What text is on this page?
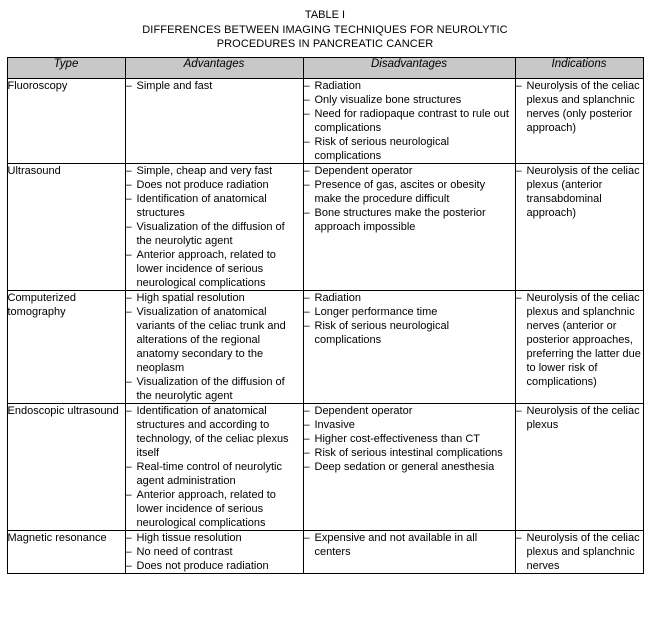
TABLE I
DIFFERENCES BETWEEN IMAGING TECHNIQUES FOR NEUROLYTIC
PROCEDURES IN PANCREATIC CANCER
Type	Advantages	Disadvantages	Indications
Fluoroscopy	
–Simple and fast

–Radiation
– Only visualize bone structures
– Need for radiopaque contrast to rule out complications
– Risk of serious neurological complications

– Neurolysis of the celiac plexus and splanchnic nerves (only posterior approach)

Ultrasound	
–Simple, cheap and very fast
– Does not produce radiation
– Identification of anatomical structures
– Visualization of the diffusion of the neurolytic agent
– Anterior approach, related to lower incidence of serious neurological complications

– Dependent operator
– Presence of gas, ascites or obesity make the procedure difficult
– Bone structures make the posterior approach impossible

– Neurolysis of the celiac plexus (anterior transabdominal approach)

Computerized tomography	
– High spatial resolution
– Visualization of anatomical variants of the celiac trunk and alterations of the regional anatomy secondary to the neoplasm
– Visualization of the diffusion of the neurolytic agent

– Radiation
– Longer performance time
– Risk of serious neurological complications

– Neurolysis of the celiac plexus and splanchnic nerves (anterior or posterior approaches, preferring the latter due to lower risk of complications)

Endoscopic ultrasound	
–Identification of anatomical structures and according to technology, of the celiac plexus itself
– Real-time control of neurolytic agent administration
– Anterior approach, related to lower incidence of serious neurological complications

– Dependent operator
– Invasive
– Higher cost-effectiveness than CT
– Risk of serious intestinal complications
– Deep sedation or general anesthesia

– Neurolysis of the celiac plexus

Magnetic resonance	
–High tissue resolution
– No need of contrast
– Does not produce radiation

– Expensive and not available in all centers

– Neurolysis of the celiac plexus and splanchnic nerves
